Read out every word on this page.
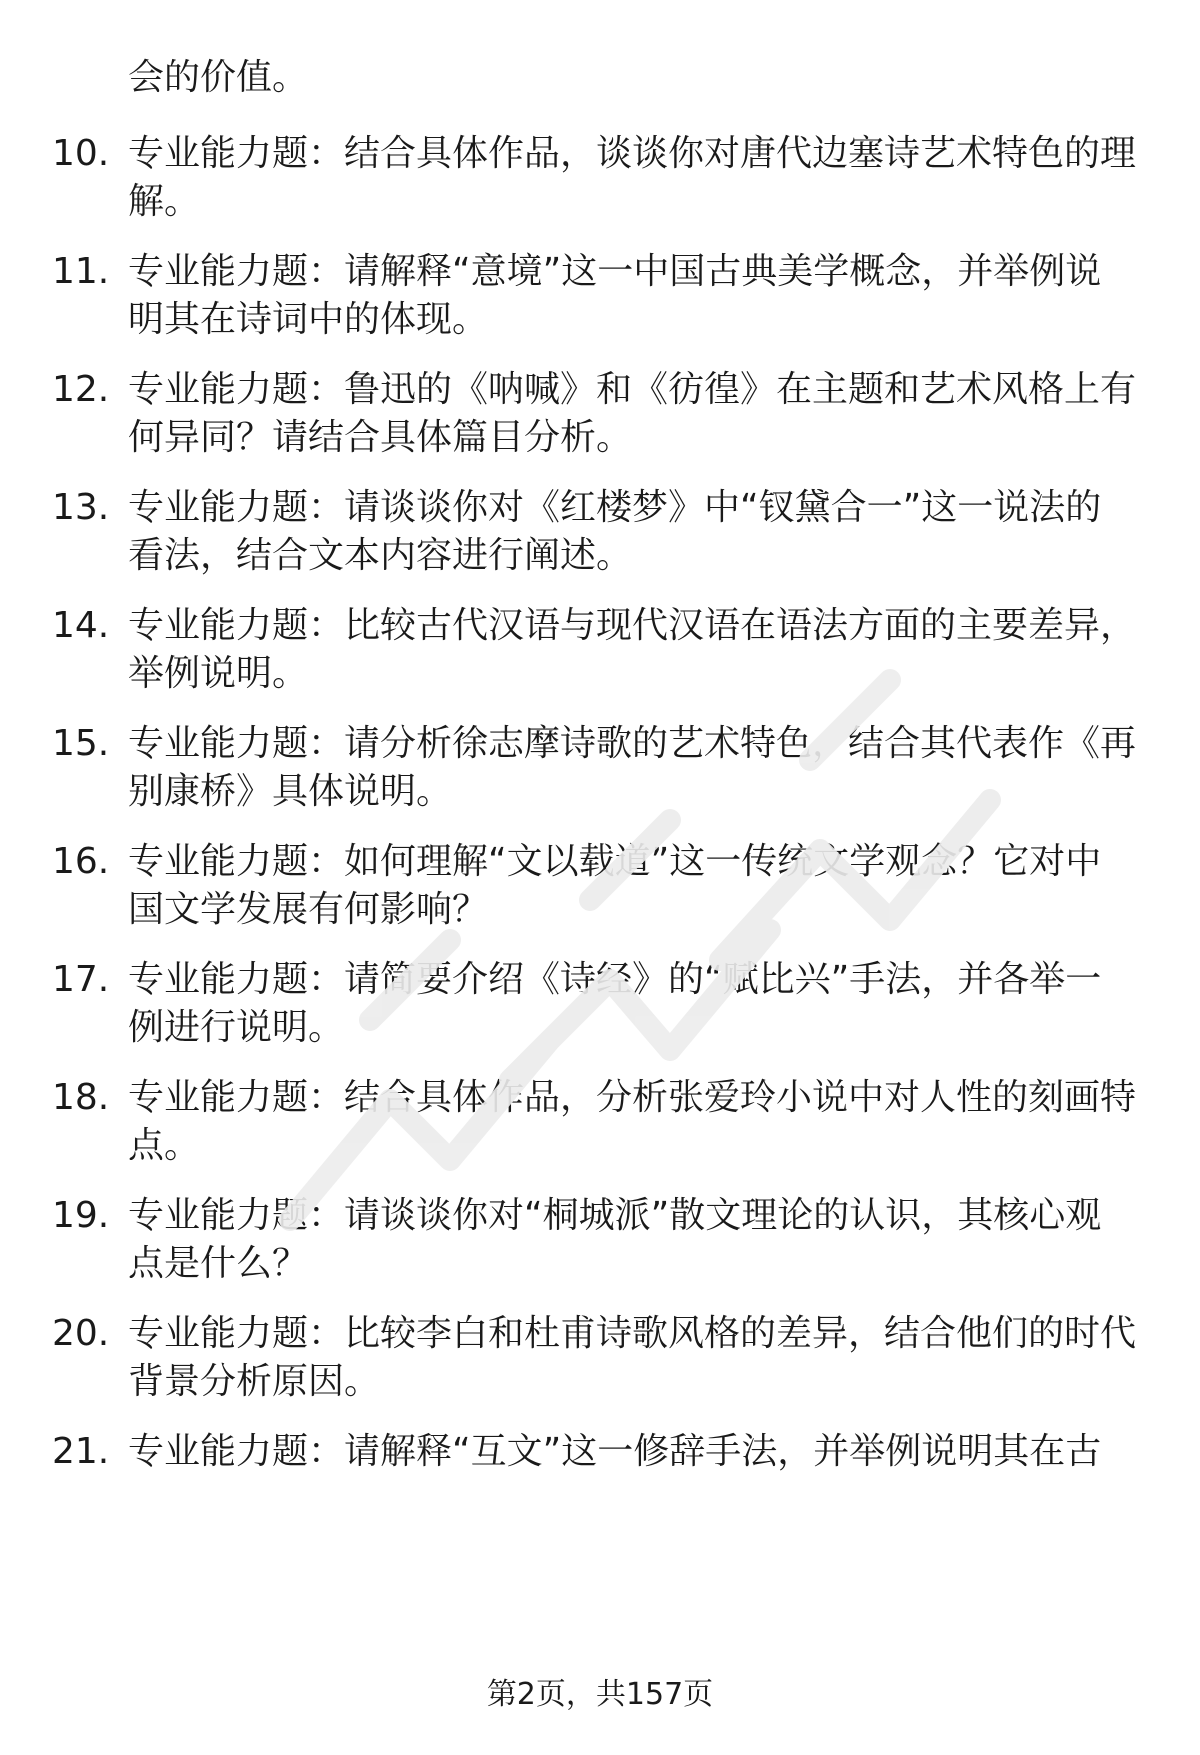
会的价值。
10. 专业能力题：结合具体作品，谈谈你对唐代边塞诗艺术特色的理
解。
11. 专业能力题：请解释“意境”这一中国古典美学概念，并举例说
明其在诗词中的体现。
12. 专业能力题：鲁迅的《呐喊》和《彷徨》在主题和艺术风格上有
何异同？请结合具体篇目分析。
13. 专业能力题：请谈谈你对《红楼梦》中“钗黛合一”这一说法的
看法，结合文本内容进行阐述。
14. 专业能力题：比较古代汉语与现代汉语在语法方面的主要差异，
举例说明。
15. 专业能力题：请分析徐志摩诗歌的艺术特色，结合其代表作《再
别康桥》具体说明。
16. 专业能力题：如何理解“文以载道”这一传统文学观念？它对中
国文学发展有何影响？
17. 专业能力题：请简要介绍《诗经》的“赋比兴”手法，并各举一
例进行说明。
18. 专业能力题：结合具体作品，分析张爱玲小说中对人性的刻画特
点。
19. 专业能力题：请谈谈你对“桐城派”散文理论的认识，其核心观
点是什么？
20. 专业能力题：比较李白和杜甫诗歌风格的差异，结合他们的时代
背景分析原因。
21. 专业能力题：请解释“互文”这一修辞手法，并举例说明其在古
第2页，共157页
